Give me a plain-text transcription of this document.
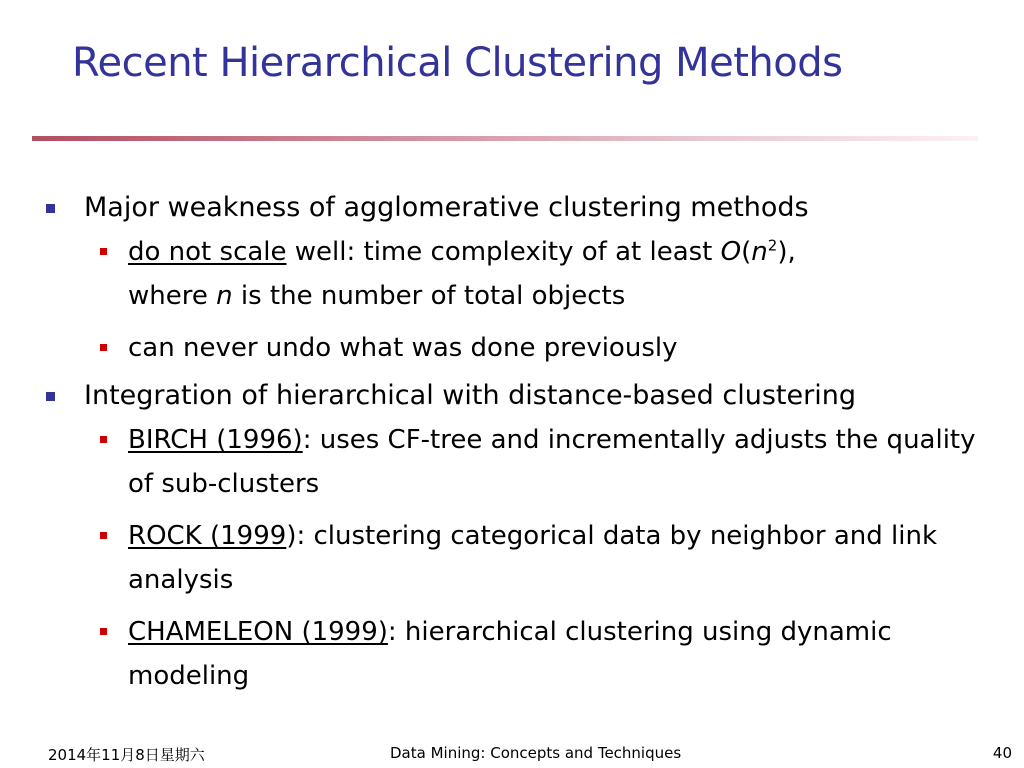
Recent Hierarchical Clustering Methods
Major weakness of agglomerative clustering methods
do not scale well: time complexity of at least $O(n^2)$,
where n is the number of total objects
can never undo what was done previously
Integration of hierarchical with distance-based clustering
BIRCH (1996): uses CF-tree and incrementally adjusts the quality of sub-clusters
ROCK (1999): clustering categorical data by neighbor and link analysis
CHAMELEON (1999): hierarchical clustering using dynamic modeling
2014年11月8日星期六	Data Mining: Concepts and Techniques	40
